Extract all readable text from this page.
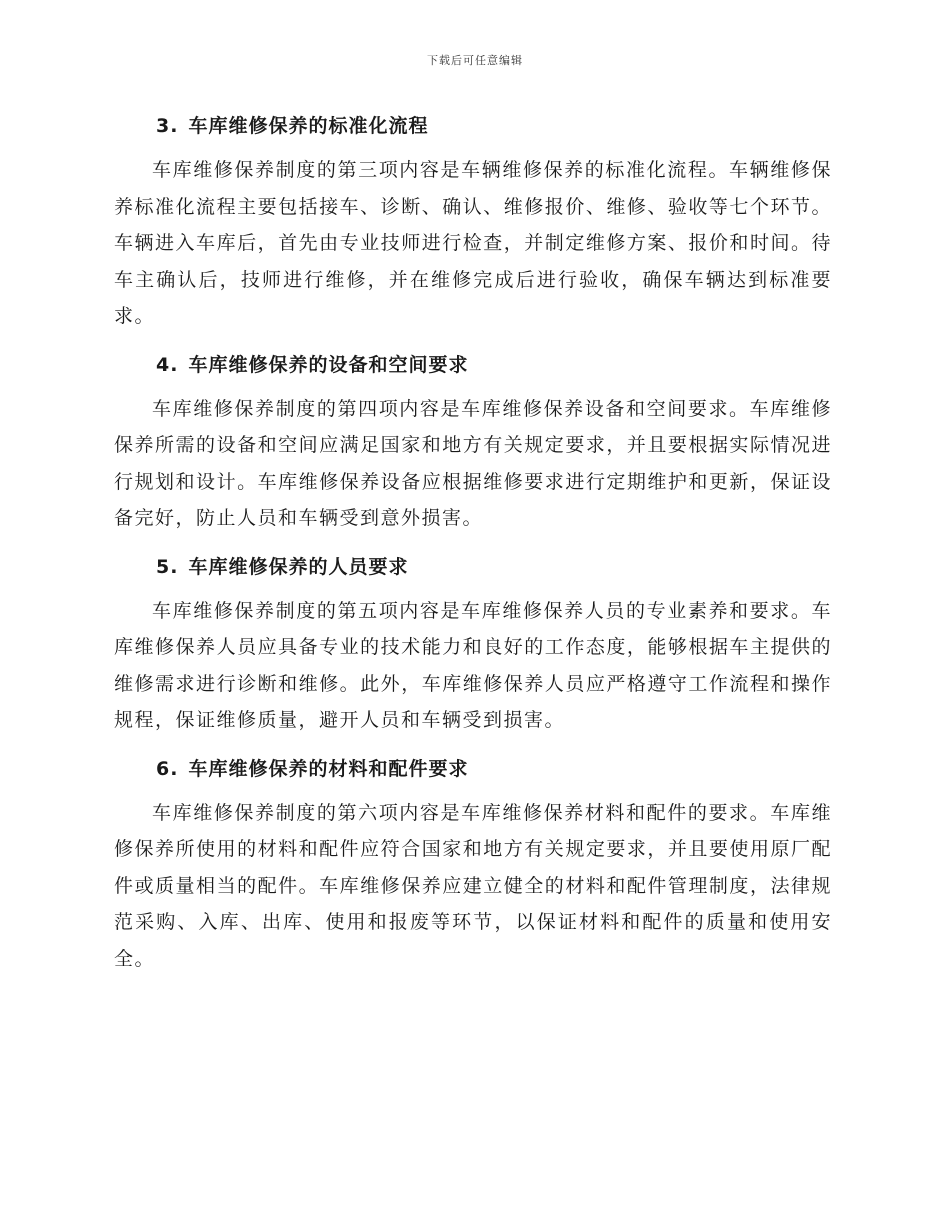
下载后可任意编辑
3. 车库维修保养的标准化流程

车库维修保养制度的第三项内容是车辆维修保养的标准化流程。车辆维修保养标准化流程主要包括接车、诊断、确认、维修报价、维修、验收等七个环节。车辆进入车库后，首先由专业技师进行检查，并制定维修方案、报价和时间。待车主确认后，技师进行维修，并在维修完成后进行验收，确保车辆达到标准要求。

4. 车库维修保养的设备和空间要求

车库维修保养制度的第四项内容是车库维修保养设备和空间要求。车库维修保养所需的设备和空间应满足国家和地方有关规定要求，并且要根据实际情况进行规划和设计。车库维修保养设备应根据维修要求进行定期维护和更新，保证设备完好，防止人员和车辆受到意外损害。

5. 车库维修保养的人员要求

车库维修保养制度的第五项内容是车库维修保养人员的专业素养和要求。车库维修保养人员应具备专业的技术能力和良好的工作态度，能够根据车主提供的维修需求进行诊断和维修。此外，车库维修保养人员应严格遵守工作流程和操作规程，保证维修质量，避开人员和车辆受到损害。

6. 车库维修保养的材料和配件要求

车库维修保养制度的第六项内容是车库维修保养材料和配件的要求。车库维修保养所使用的材料和配件应符合国家和地方有关规定要求，并且要使用原厂配件或质量相当的配件。车库维修保养应建立健全的材料和配件管理制度，法律规范采购、入库、出库、使用和报废等环节，以保证材料和配件的质量和使用安全。
